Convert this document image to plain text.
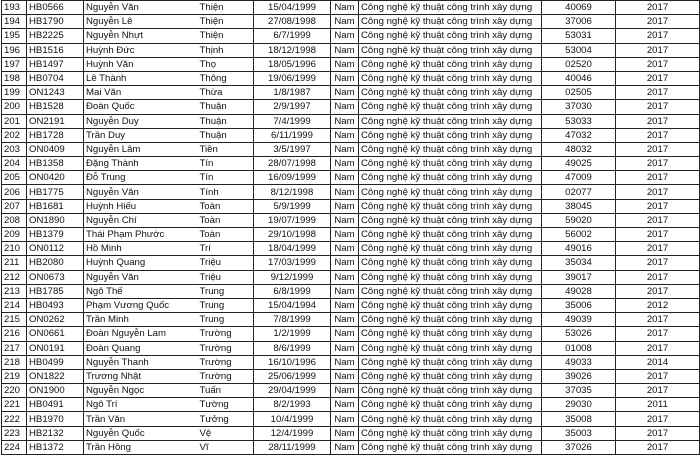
193	HB0566	Nguyễn Văn	Thiện	15/04/1999	Nam	Công nghệ kỹ thuật công trình xây dựng	40069	2017
194	HB1790	Nguyễn Lê	Thiện	27/08/1998	Nam	Công nghệ kỹ thuật công trình xây dựng	37006	2017
195	HB2225	Nguyễn Nhựt	Thiện	6/7/1999	Nam	Công nghệ kỹ thuật công trình xây dựng	53031	2017
196	HB1516	Huỳnh Đức	Thịnh	18/12/1998	Nam	Công nghệ kỹ thuật công trình xây dựng	53004	2017
197	HB1497	Huỳnh Văn	Thọ	18/05/1996	Nam	Công nghệ kỹ thuật công trình xây dựng	02520	2017
198	HB0704	Lê Thành	Thông	19/06/1999	Nam	Công nghệ kỹ thuật công trình xây dựng	40046	2017
199	ON1243	Mai Văn	Thừa	1/8/1987	Nam	Công nghệ kỹ thuật công trình xây dựng	02505	2017
200	HB1528	Đoàn Quốc	Thuận	2/9/1997	Nam	Công nghệ kỹ thuật công trình xây dựng	37030	2017
201	ON2191	Nguyễn Duy	Thuận	7/4/1999	Nam	Công nghệ kỹ thuật công trình xây dựng	53033	2017
202	HB1728	Trần Duy	Thuận	6/11/1999	Nam	Công nghệ kỹ thuật công trình xây dựng	47032	2017
203	ON0409	Nguyễn Lâm	Tiền	3/5/1997	Nam	Công nghệ kỹ thuật công trình xây dựng	48032	2017
204	HB1358	Đặng Thành	Tín	28/07/1998	Nam	Công nghệ kỹ thuật công trình xây dựng	49025	2017
205	ON0420	Đỗ Trung	Tín	16/09/1999	Nam	Công nghệ kỹ thuật công trình xây dựng	47009	2017
206	HB1775	Nguyễn Văn	Tính	8/12/1998	Nam	Công nghệ kỹ thuật công trình xây dựng	02077	2017
207	HB1681	Huỳnh Hiếu	Toàn	5/9/1999	Nam	Công nghệ kỹ thuật công trình xây dựng	38045	2017
208	ON1890	Nguyễn Chí	Toàn	19/07/1999	Nam	Công nghệ kỹ thuật công trình xây dựng	59020	2017
209	HB1379	Thái Phạm Phước	Toàn	29/10/1998	Nam	Công nghệ kỹ thuật công trình xây dựng	56002	2017
210	ON0112	Hồ Minh	Trí	18/04/1999	Nam	Công nghệ kỹ thuật công trình xây dựng	49016	2017
211	HB2080	Huỳnh Quang	Triệu	17/03/1999	Nam	Công nghệ kỹ thuật công trình xây dựng	35034	2017
212	ON0673	Nguyễn Văn	Triệu	9/12/1999	Nam	Công nghệ kỹ thuật công trình xây dựng	39017	2017
213	HB1785	Ngô Thế	Trung	6/8/1999	Nam	Công nghệ kỹ thuật công trình xây dựng	49028	2017
214	HB0493	Phạm Vương Quốc	Trung	15/04/1994	Nam	Công nghệ kỹ thuật công trình xây dựng	35006	2012
215	ON0262	Trần Minh	Trung	7/8/1999	Nam	Công nghệ kỹ thuật công trình xây dựng	49039	2017
216	ON0661	Đoàn Nguyễn Lam	Trường	1/2/1999	Nam	Công nghệ kỹ thuật công trình xây dựng	53026	2017
217	ON0191	Đoàn Quang	Trường	8/6/1999	Nam	Công nghệ kỹ thuật công trình xây dựng	01008	2017
218	HB0499	Nguyễn Thanh	Trường	16/10/1996	Nam	Công nghệ kỹ thuật công trình xây dựng	49033	2014
219	ON1822	Trương Nhật	Trường	25/06/1999	Nam	Công nghệ kỹ thuật công trình xây dựng	39026	2017
220	ON1900	Nguyễn Ngọc	Tuấn	29/04/1999	Nam	Công nghệ kỹ thuật công trình xây dựng	37035	2017
221	HB0491	Ngô Trí	Tường	8/2/1993	Nam	Công nghệ kỹ thuật công trình xây dựng	29030	2011
222	HB1970	Trần Văn	Tưởng	10/4/1999	Nam	Công nghệ kỹ thuật công trình xây dựng	35008	2017
223	HB2132	Nguyễn Quốc	Vệ	12/4/1999	Nam	Công nghệ kỹ thuật công trình xây dựng	35003	2017
224	HB1372	Trần Hồng	Vĩ	28/11/1999	Nam	Công nghệ kỹ thuật công trình xây dựng	37026	2017
